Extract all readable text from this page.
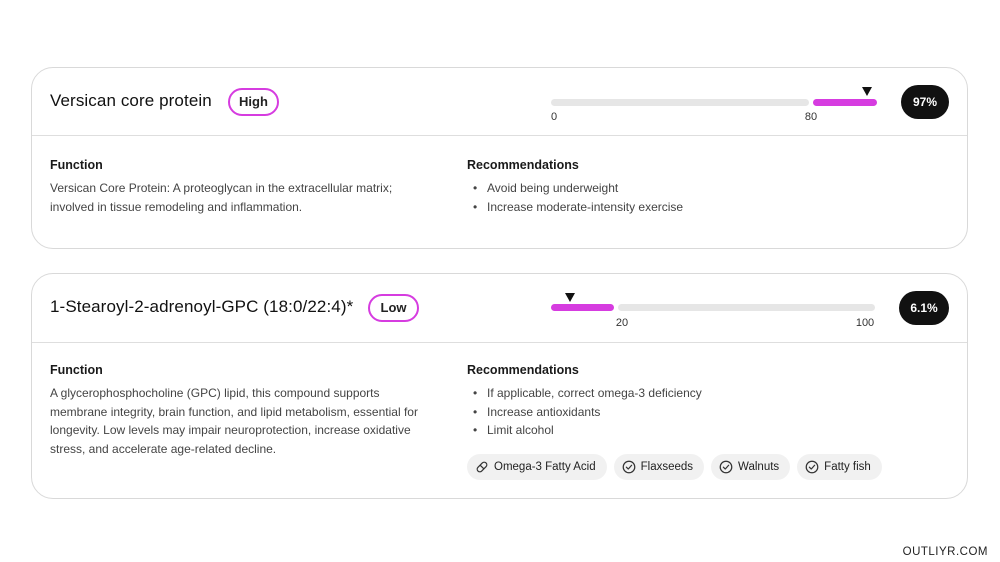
Versican core protein	High
0	80
97%
Function
Versican Core Protein: A proteoglycan in the extracellular matrix; involved in tissue remodeling and inflammation.
Recommendations
• Avoid being underweight
• Increase moderate-intensity exercise
1-Stearoyl-2-adrenoyl-GPC (18:0/22:4)*	Low
20	100
6.1%
Function
A glycerophosphocholine (GPC) lipid, this compound supports membrane integrity, brain function, and lipid metabolism, essential for longevity. Low levels may impair neuroprotection, increase oxidative stress, and accelerate age-related decline.
Recommendations
• If applicable, correct omega-3 deficiency
• Increase antioxidants
• Limit alcohol
Omega-3 Fatty Acid	Flaxseeds	Walnuts	Fatty fish
OUTLIYR.COM
